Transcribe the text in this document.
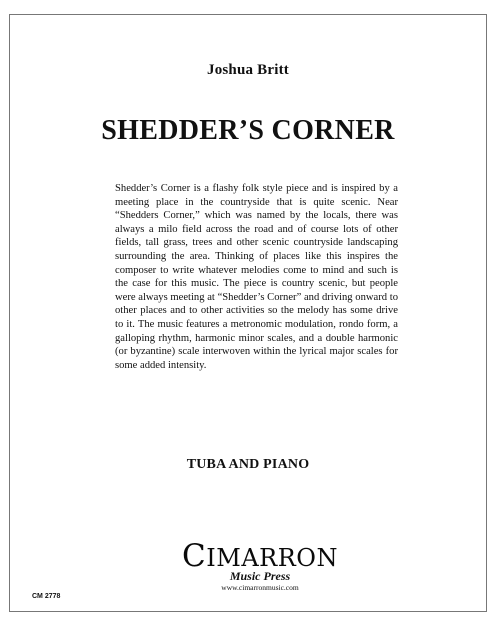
Joshua Britt
SHEDDER’S CORNER

Shedder’s Corner is a flashy folk style piece and is inspired by a meeting place in the countryside that is quite scenic. Near “Shedders Corner,” which was named by the locals, there was always a milo field across the road and of course lots of other fields, tall grass, trees and other scenic countryside landscaping surrounding the area. Thinking of places like this inspires the composer to write whatever melodies come to mind and such is the case for this music. The piece is country scenic, but people were always meeting at “Shedder’s Corner” and driving onward to other places and to other activities so the melody has some drive to it. The music features a metronomic modulation, rondo form, a galloping rhythm, harmonic minor scales, and a double harmonic (or byzantine) scale interwoven within the lyrical major scales for some added intensity.

TUBA AND PIANO
CIMARRON
Music Press
www.cimarronmusic.com
CM 2778
